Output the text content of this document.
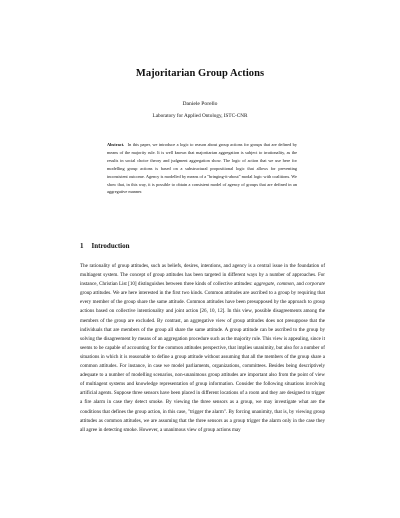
Majoritarian Group Actions
Daniele Porello
Laboratory for Applied Ontology, ISTC-CNR
Abstract. In this paper, we introduce a logic to reason about group actions for groups that are defined by means of the majority rule. It is well known that majoritarian aggregation is subject to irrationality, as the results in social choice theory and judgment aggregation show. The logic of action that we use here for modelling group actions is based on a substructural propositional logic that allows for preventing inconsistent outcome. Agency is modelled by means of a "bringing-it-about" modal logic with coalitions. We show that, in this way, it is possible to obtain a consistent model of agency of groups that are defined in an aggregative manner.
1 Introduction

The rationality of group attitudes, such as beliefs, desires, intentions, and agency is a central issue in the foundation of multiagent system. The concept of group attitudes has been targeted in different ways by a number of approaches. For instance, Christian List [10] distinguishes between three kinds of collective attitudes: aggregate, common, and corporate group attitudes. We are here interested in the first two kinds. Common attitudes are ascribed to a group by requiring that every member of the group share the same attitude. Common attitudes have been presupposed by the approach to group actions based on collective intentionality and joint action [26, 10, 12]. In this view, possible disagreements among the members of the group are excluded. By contrast, an aggregative view of group attitudes does not presuppose that the individuals that are members of the group all share the same attitude. A group attitude can be ascribed to the group by solving the disagreement by means of an aggregation procedure such as the majority rule. This view is appealing, since it seems to be capable of accounting for the common attitudes perspective, that implies unanimity, but also for a number of situations in which it is reasonable to define a group attitude without assuming that all the members of the group share a common attitudes. For instance, in case we model parliaments, organizations, committees. Besides being descriptively adequate to a number of modelling scenarios, non-unanimous group attitudes are important also from the point of view of multiagent systems and knowledge representation of group information. Consider the following situations involving artificial agents. Suppose three sensors have been placed in different locations of a room and they are designed to trigger a fire alarm in case they detect smoke. By viewing the three sensors as a group, we may investigate what are the conditions that defines the group action, in this case, "trigger the alarm". By forcing unanimity, that is, by viewing group attitudes as common attitudes, we are assuming that the three sensors as a group trigger the alarm only in the case they all agree in detecting smoke. However, a unanimous view of group actions may
